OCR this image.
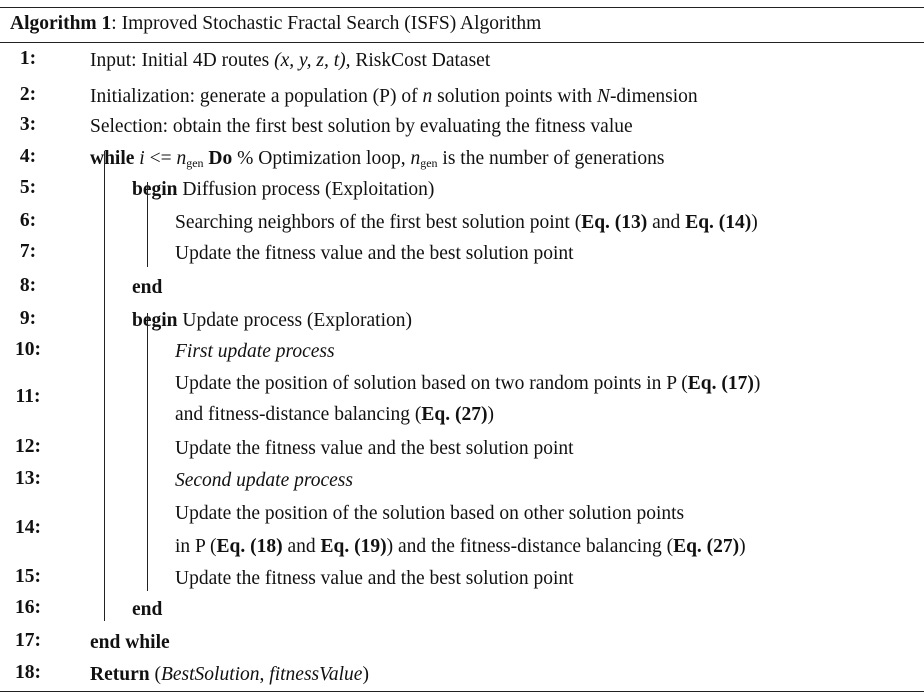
Algorithm 1: Improved Stochastic Fractal Search (ISFS) Algorithm
1:
2:
3:
4:
5:
6:
7:
8:
9:
10:
11:
12:
13:
14:
15:
16:
17:
18:
Input: Initial 4D routes (x, y, z, t), RiskCost Dataset
Initialization: generate a population (P) of n solution points with N-dimension
Selection: obtain the first best solution by evaluating the fitness value
while $i <= n_{gen}$ Do % Optimization loop, $n_{gen}$ is the number of generations
begin Diffusion process (Exploitation)
Searching neighbors of the first best solution point (Eq. (13) and Eq. (14))
Update the fitness value and the best solution point
end
begin Update process (Exploration)
First update process
Update the position of solution based on two random points in P (Eq. (17))
and fitness-distance balancing (Eq. (27))
Update the fitness value and the best solution point
Second update process
Update the position of the solution based on other solution points
in P (Eq. (18) and Eq. (19)) and the fitness-distance balancing (Eq. (27))
Update the fitness value and the best solution point
end
end while
Return (BestSolution, fitnessValue)
